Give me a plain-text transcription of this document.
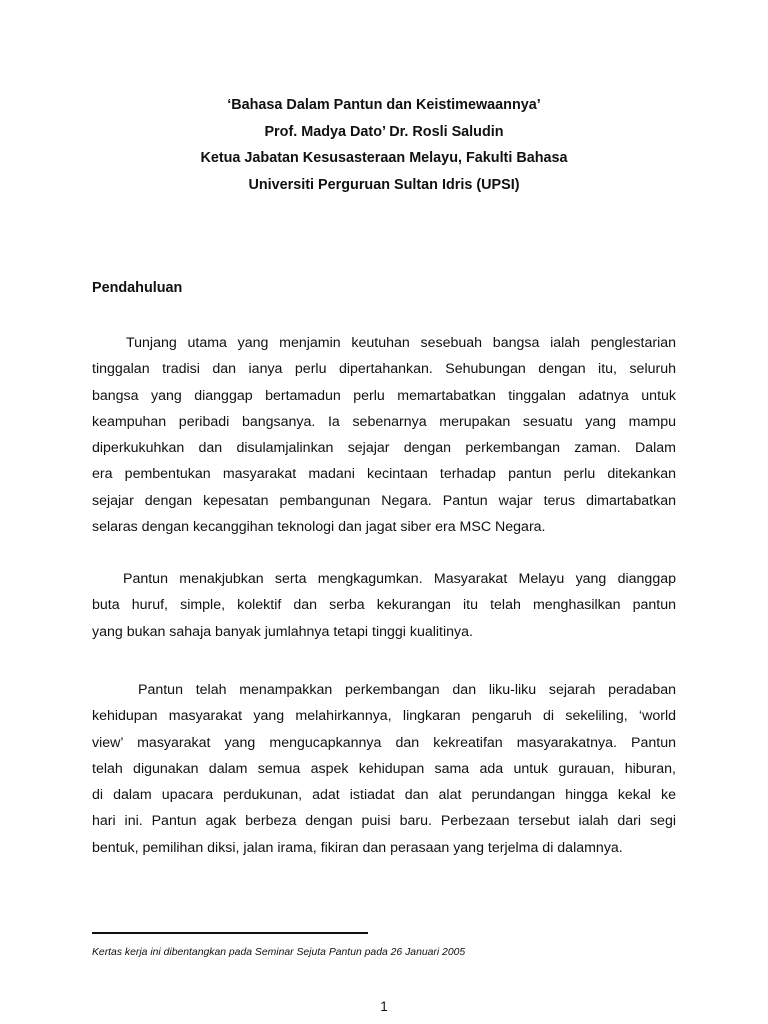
‘Bahasa Dalam Pantun dan Keistimewaannya’
Prof. Madya Dato’ Dr. Rosli Saludin
Ketua Jabatan Kesusasteraan Melayu, Fakulti Bahasa
Universiti Perguruan Sultan Idris (UPSI)
Pendahuluan

Tunjang utama yang menjamin keutuhan sesebuah bangsa ialah penglestarian
tinggalan tradisi dan ianya perlu dipertahankan. Sehubungan dengan itu, seluruh
bangsa yang dianggap bertamadun perlu memartabatkan tinggalan adatnya untuk
keampuhan peribadi bangsanya. Ia sebenarnya merupakan sesuatu yang mampu
diperkukuhkan dan disulamjalinkan sejajar dengan perkembangan zaman. Dalam
era pembentukan masyarakat madani kecintaan terhadap pantun perlu ditekankan
sejajar dengan kepesatan pembangunan Negara. Pantun wajar terus dimartabatkan
selaras dengan kecanggihan teknologi dan jagat siber era MSC Negara.

Pantun menakjubkan serta mengkagumkan. Masyarakat Melayu yang dianggap
buta huruf, simple, kolektif dan serba kekurangan itu telah menghasilkan pantun
yang bukan sahaja banyak jumlahnya tetapi tinggi kualitinya.

Pantun telah menampakkan perkembangan dan liku-liku sejarah peradaban
kehidupan masyarakat yang melahirkannya, lingkaran pengaruh di sekeliling, ‘world
view’ masyarakat yang mengucapkannya dan kekreatifan masyarakatnya. Pantun
telah digunakan dalam semua aspek kehidupan sama ada untuk gurauan, hiburan,
di dalam upacara perdukunan, adat istiadat dan alat perundangan hingga kekal ke
hari ini. Pantun agak berbeza dengan puisi baru. Perbezaan tersebut ialah dari segi
bentuk, pemilihan diksi, jalan irama, fikiran dan perasaan yang terjelma di dalamnya.

Kertas kerja ini dibentangkan pada Seminar Sejuta Pantun pada 26 Januari 2005
1
